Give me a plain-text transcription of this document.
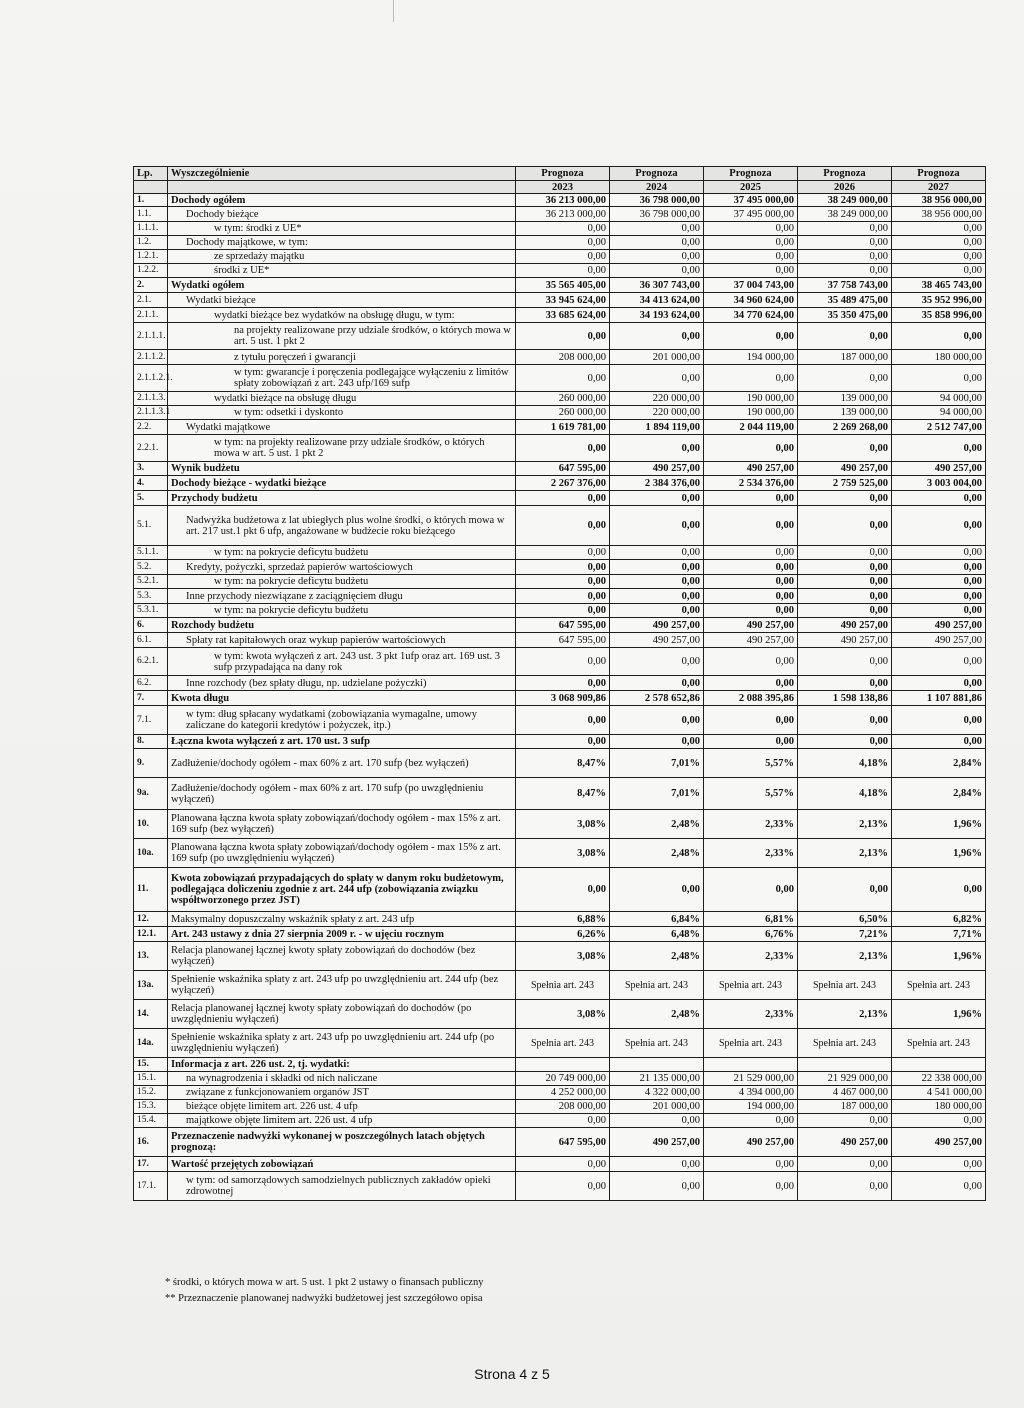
Lp.	Wyszczególnienie	Prognoza	Prognoza	Prognoza	Prognoza	Prognoza
		2023	2024	2025	2026	2027
1.	Dochody ogółem	36 213 000,00	36 798 000,00	37 495 000,00	38 249 000,00	38 956 000,00
1.1.	Dochody bieżące	36 213 000,00	36 798 000,00	37 495 000,00	38 249 000,00	38 956 000,00
1.1.1.	w tym: środki z UE*	0,00	0,00	0,00	0,00	0,00
1.2.	Dochody majątkowe, w tym:	0,00	0,00	0,00	0,00	0,00
1.2.1.	ze sprzedaży majątku	0,00	0,00	0,00	0,00	0,00
1.2.2.	środki z UE*	0,00	0,00	0,00	0,00	0,00
2.	Wydatki ogółem	35 565 405,00	36 307 743,00	37 004 743,00	37 758 743,00	38 465 743,00
2.1.	Wydatki bieżące	33 945 624,00	34 413 624,00	34 960 624,00	35 489 475,00	35 952 996,00
2.1.1.	wydatki bieżące bez wydatków na obsługę długu, w tym:	33 685 624,00	34 193 624,00	34 770 624,00	35 350 475,00	35 858 996,00
2.1.1.1.	na projekty realizowane przy udziale środków, o których mowa w art. 5 ust. 1 pkt 2	0,00	0,00	0,00	0,00	0,00
2.1.1.2.	z tytułu poręczeń i gwarancji	208 000,00	201 000,00	194 000,00	187 000,00	180 000,00
2.1.1.2.1.	w tym: gwarancje i poręczenia podlegające wyłączeniu z limitów spłaty zobowiązań z art. 243 ufp/169 sufp	0,00	0,00	0,00	0,00	0,00
2.1.1.3.	wydatki bieżące na obsługę długu	260 000,00	220 000,00	190 000,00	139 000,00	94 000,00
2.1.1.3.1	w tym: odsetki i dyskonto	260 000,00	220 000,00	190 000,00	139 000,00	94 000,00
2.2.	Wydatki majątkowe	1 619 781,00	1 894 119,00	2 044 119,00	2 269 268,00	2 512 747,00
2.2.1.	w tym: na projekty realizowane przy udziale środków, o których mowa w art. 5 ust. 1 pkt 2	0,00	0,00	0,00	0,00	0,00
3.	Wynik budżetu	647 595,00	490 257,00	490 257,00	490 257,00	490 257,00
4.	Dochody bieżące - wydatki bieżące	2 267 376,00	2 384 376,00	2 534 376,00	2 759 525,00	3 003 004,00
5.	Przychody budżetu	0,00	0,00	0,00	0,00	0,00
5.1.	Nadwyżka budżetowa z lat ubiegłych plus wolne środki, o których mowa w art. 217 ust.1 pkt 6 ufp, angażowane w budżecie roku bieżącego	0,00	0,00	0,00	0,00	0,00
5.1.1.	w tym: na pokrycie deficytu budżetu	0,00	0,00	0,00	0,00	0,00
5.2.	Kredyty, pożyczki, sprzedaż papierów wartościowych	0,00	0,00	0,00	0,00	0,00
5.2.1.	w tym: na pokrycie deficytu budżetu	0,00	0,00	0,00	0,00	0,00
5.3.	Inne przychody niezwiązane z zaciągnięciem długu	0,00	0,00	0,00	0,00	0,00
5.3.1.	w tym: na pokrycie deficytu budżetu	0,00	0,00	0,00	0,00	0,00
6.	Rozchody budżetu	647 595,00	490 257,00	490 257,00	490 257,00	490 257,00
6.1.	Spłaty rat kapitałowych oraz wykup papierów wartościowych	647 595,00	490 257,00	490 257,00	490 257,00	490 257,00
6.2.1.	w tym: kwota wyłączeń z art. 243 ust. 3 pkt 1ufp oraz art. 169 ust. 3 sufp przypadająca na dany rok	0,00	0,00	0,00	0,00	0,00
6.2.	Inne rozchody (bez spłaty długu, np. udzielane pożyczki)	0,00	0,00	0,00	0,00	0,00
7.	Kwota długu	3 068 909,86	2 578 652,86	2 088 395,86	1 598 138,86	1 107 881,86
7.1.	w tym: dług spłacany wydatkami (zobowiązania wymagalne, umowy zaliczane do kategorii kredytów i pożyczek, itp.)	0,00	0,00	0,00	0,00	0,00
8.	Łączna kwota wyłączeń z art. 170 ust. 3 sufp	0,00	0,00	0,00	0,00	0,00
9.	Zadłużenie/dochody ogółem - max 60% z art. 170 sufp (bez wyłączeń)	8,47%	7,01%	5,57%	4,18%	2,84%
9a.	Zadłużenie/dochody ogółem - max 60% z art. 170 sufp (po uwzględnieniu wyłączeń)	8,47%	7,01%	5,57%	4,18%	2,84%
10.	Planowana łączna kwota spłaty zobowiązań/dochody ogółem - max 15% z art. 169 sufp (bez wyłączeń)	3,08%	2,48%	2,33%	2,13%	1,96%
10a.	Planowana łączna kwota spłaty zobowiązań/dochody ogółem - max 15% z art. 169 sufp (po uwzględnieniu wyłączeń)	3,08%	2,48%	2,33%	2,13%	1,96%
11.	Kwota zobowiązań przypadających do spłaty w danym roku budżetowym, podlegająca doliczeniu zgodnie z art. 244 ufp (zobowiązania związku współtworzonego przez JST)	0,00	0,00	0,00	0,00	0,00
12.	Maksymalny dopuszczalny wskaźnik spłaty z art. 243 ufp	6,88%	6,84%	6,81%	6,50%	6,82%
12.1.	Art. 243 ustawy z dnia 27 sierpnia 2009 r. - w ujęciu rocznym	6,26%	6,48%	6,76%	7,21%	7,71%
13.	Relacja planowanej łącznej kwoty spłaty zobowiązań do dochodów (bez wyłączeń)	3,08%	2,48%	2,33%	2,13%	1,96%
13a.	Spełnienie wskaźnika spłaty z art. 243 ufp po uwzględnieniu art. 244 ufp (bez wyłączeń)	Spełnia art. 243	Spełnia art. 243	Spełnia art. 243	Spełnia art. 243	Spełnia art. 243
14.	Relacja planowanej łącznej kwoty spłaty zobowiązań do dochodów (po uwzględnieniu wyłączeń)	3,08%	2,48%	2,33%	2,13%	1,96%
14a.	Spełnienie wskaźnika spłaty z art. 243 ufp po uwzględnieniu art. 244 ufp (po uwzględnieniu wyłączeń)	Spełnia art. 243	Spełnia art. 243	Spełnia art. 243	Spełnia art. 243	Spełnia art. 243
15.	Informacja z art. 226 ust. 2, tj. wydatki:					
15.1.	na wynagrodzenia i składki od nich naliczane	20 749 000,00	21 135 000,00	21 529 000,00	21 929 000,00	22 338 000,00
15.2.	związane z funkcjonowaniem organów JST	4 252 000,00	4 322 000,00	4 394 000,00	4 467 000,00	4 541 000,00
15.3.	bieżące objęte limitem art. 226 ust. 4 ufp	208 000,00	201 000,00	194 000,00	187 000,00	180 000,00
15.4.	majątkowe objęte limitem art. 226 ust. 4 ufp	0,00	0,00	0,00	0,00	0,00
16.	Przeznaczenie nadwyżki wykonanej w poszczególnych latach objętych prognozą:	647 595,00	490 257,00	490 257,00	490 257,00	490 257,00
17.	Wartość przejętych zobowiązań	0,00	0,00	0,00	0,00	0,00
17.1.	w tym: od samorządowych samodzielnych publicznych zakładów opieki zdrowotnej	0,00	0,00	0,00	0,00	0,00
* środki, o których mowa w art. 5 ust. 1 pkt 2 ustawy o finansach publiczny
** Przeznaczenie planowanej nadwyżki budżetowej jest szczegółowo opisa
Strona 4 z 5
